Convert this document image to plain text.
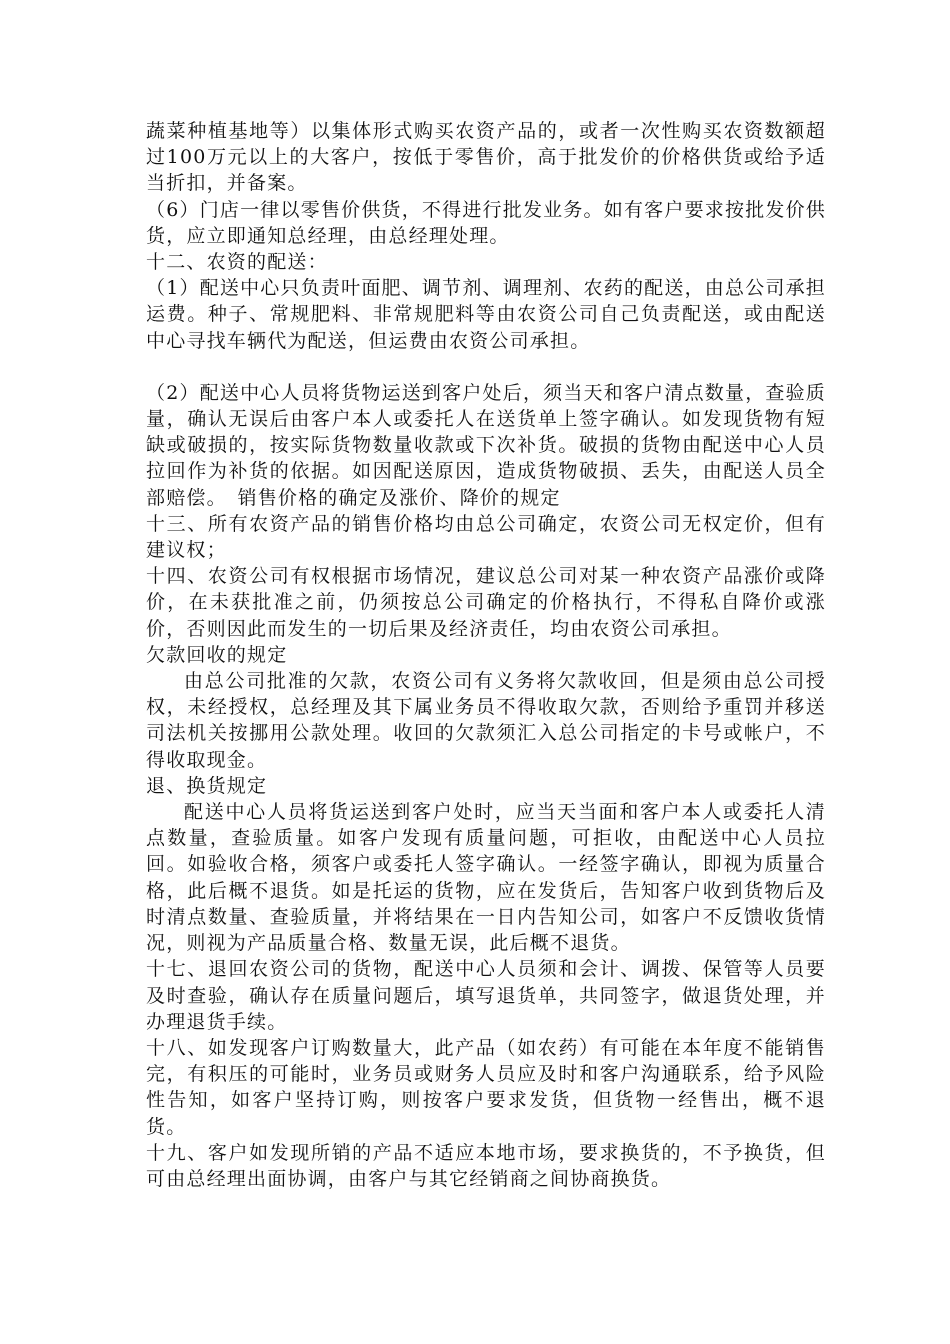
蔬菜种植基地等）以集体形式购买农资产品的，或者一次性购买农资数额超过100万元以上的大客户，按低于零售价，高于批发价的价格供货或给予适当折扣，并备案。

（6）门店一律以零售价供货，不得进行批发业务。如有客户要求按批发价供货，应立即通知总经理，由总经理处理。

十二、农资的配送：

（1）配送中心只负责叶面肥、调节剂、调理剂、农药的配送，由总公司承担运费。种子、常规肥料、非常规肥料等由农资公司自己负责配送，或由配送中心寻找车辆代为配送，但运费由农资公司承担。

（2）配送中心人员将货物运送到客户处后，须当天和客户清点数量，查验质量，确认无误后由客户本人或委托人在送货单上签字确认。如发现货物有短缺或破损的，按实际货物数量收款或下次补货。破损的货物由配送中心人员拉回作为补货的依据。如因配送原因，造成货物破损、丢失，由配送人员全部赔偿。　销售价格的确定及涨价、降价的规定

十三、所有农资产品的销售价格均由总公司确定，农资公司无权定价，但有建议权；

十四、农资公司有权根据市场情况，建议总公司对某一种农资产品涨价或降价，在未获批准之前，仍须按总公司确定的价格执行，不得私自降价或涨价，否则因此而发生的一切后果及经济责任，均由农资公司承担。

欠款回收的规定

由总公司批准的欠款，农资公司有义务将欠款收回，但是须由总公司授权，未经授权，总经理及其下属业务员不得收取欠款，否则给予重罚并移送司法机关按挪用公款处理。收回的欠款须汇入总公司指定的卡号或帐户，不得收取现金。

退、换货规定

配送中心人员将货运送到客户处时，应当天当面和客户本人或委托人清点数量，查验质量。如客户发现有质量问题，可拒收，由配送中心人员拉回。如验收合格，须客户或委托人签字确认。一经签字确认，即视为质量合格，此后概不退货。如是托运的货物，应在发货后，告知客户收到货物后及时清点数量、查验质量，并将结果在一日内告知公司，如客户不反馈收货情况，则视为产品质量合格、数量无误，此后概不退货。

十七、退回农资公司的货物，配送中心人员须和会计、调拨、保管等人员要及时查验，确认存在质量问题后，填写退货单，共同签字，做退货处理，并办理退货手续。

十八、如发现客户订购数量大，此产品（如农药）有可能在本年度不能销售完，有积压的可能时，业务员或财务人员应及时和客户沟通联系，给予风险性告知，如客户坚持订购，则按客户要求发货，但货物一经售出，概不退货。

十九、客户如发现所销的产品不适应本地市场，要求换货的，不予换货，但可由总经理出面协调，由客户与其它经销商之间协商换货。
